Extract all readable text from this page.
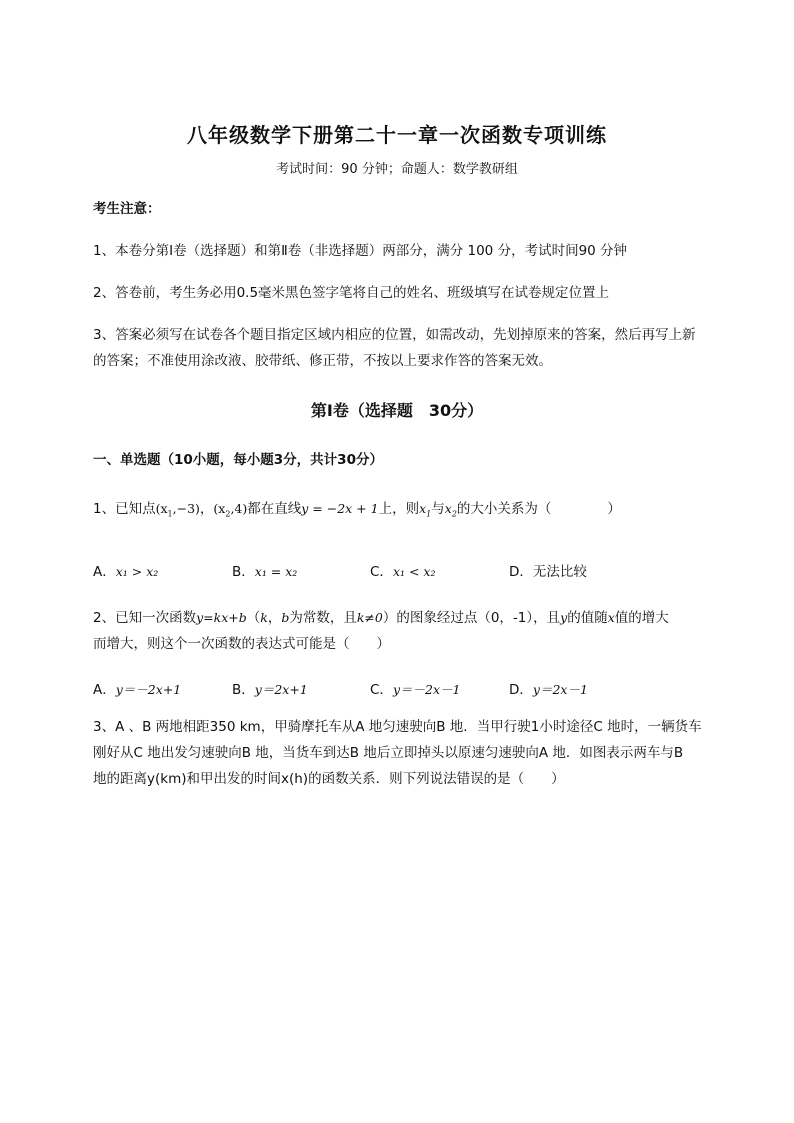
八年级数学下册第二十一章一次函数专项训练
考试时间：90 分钟；命题人：数学教研组
考生注意：
1、本卷分第Ⅰ卷（选择题）和第Ⅱ卷（非选择题）两部分，满分 100 分，考试时间90 分钟
2、答卷前，考生务必用0.5毫米黑色签字笔将自己的姓名、班级填写在试卷规定位置上
3、答案必须写在试卷各个题目指定区域内相应的位置，如需改动，先划掉原来的答案，然后再写上新
的答案；不准使用涂改液、胶带纸、修正带，不按以上要求作答的答案无效。
第Ⅰ卷（选择题　30分）
一、单选题（10小题，每小题3分，共计30分）
1、已知点$(x_1,-3)$，$(x_2,4)$都在直线y = −2x + 1上，则$x_1$与$x_2$的大小关系为（	）
A．x₁ > x₂	B．x₁ = x₂	C．x₁ < x₂	D．无法比较
2、已知一次函数y=kx+b（k，b为常数，且k≠0）的图象经过点（0，-1），且y的值随x值的增大
而增大，则这个一次函数的表达式可能是（　　）
A．y＝－2x+1	B．y＝2x+1	C．y＝－2x－1	D．y＝2x－1
3、A 、B 两地相距350 km，甲骑摩托车从A 地匀速驶向B 地．当甲行驶1小时途径C 地时，一辆货车
刚好从C 地出发匀速驶向B 地，当货车到达B 地后立即掉头以原速匀速驶向A 地．如图表示两车与B
地的距离y(km)和甲出发的时间x(h)的函数关系．则下列说法错误的是（　　）
